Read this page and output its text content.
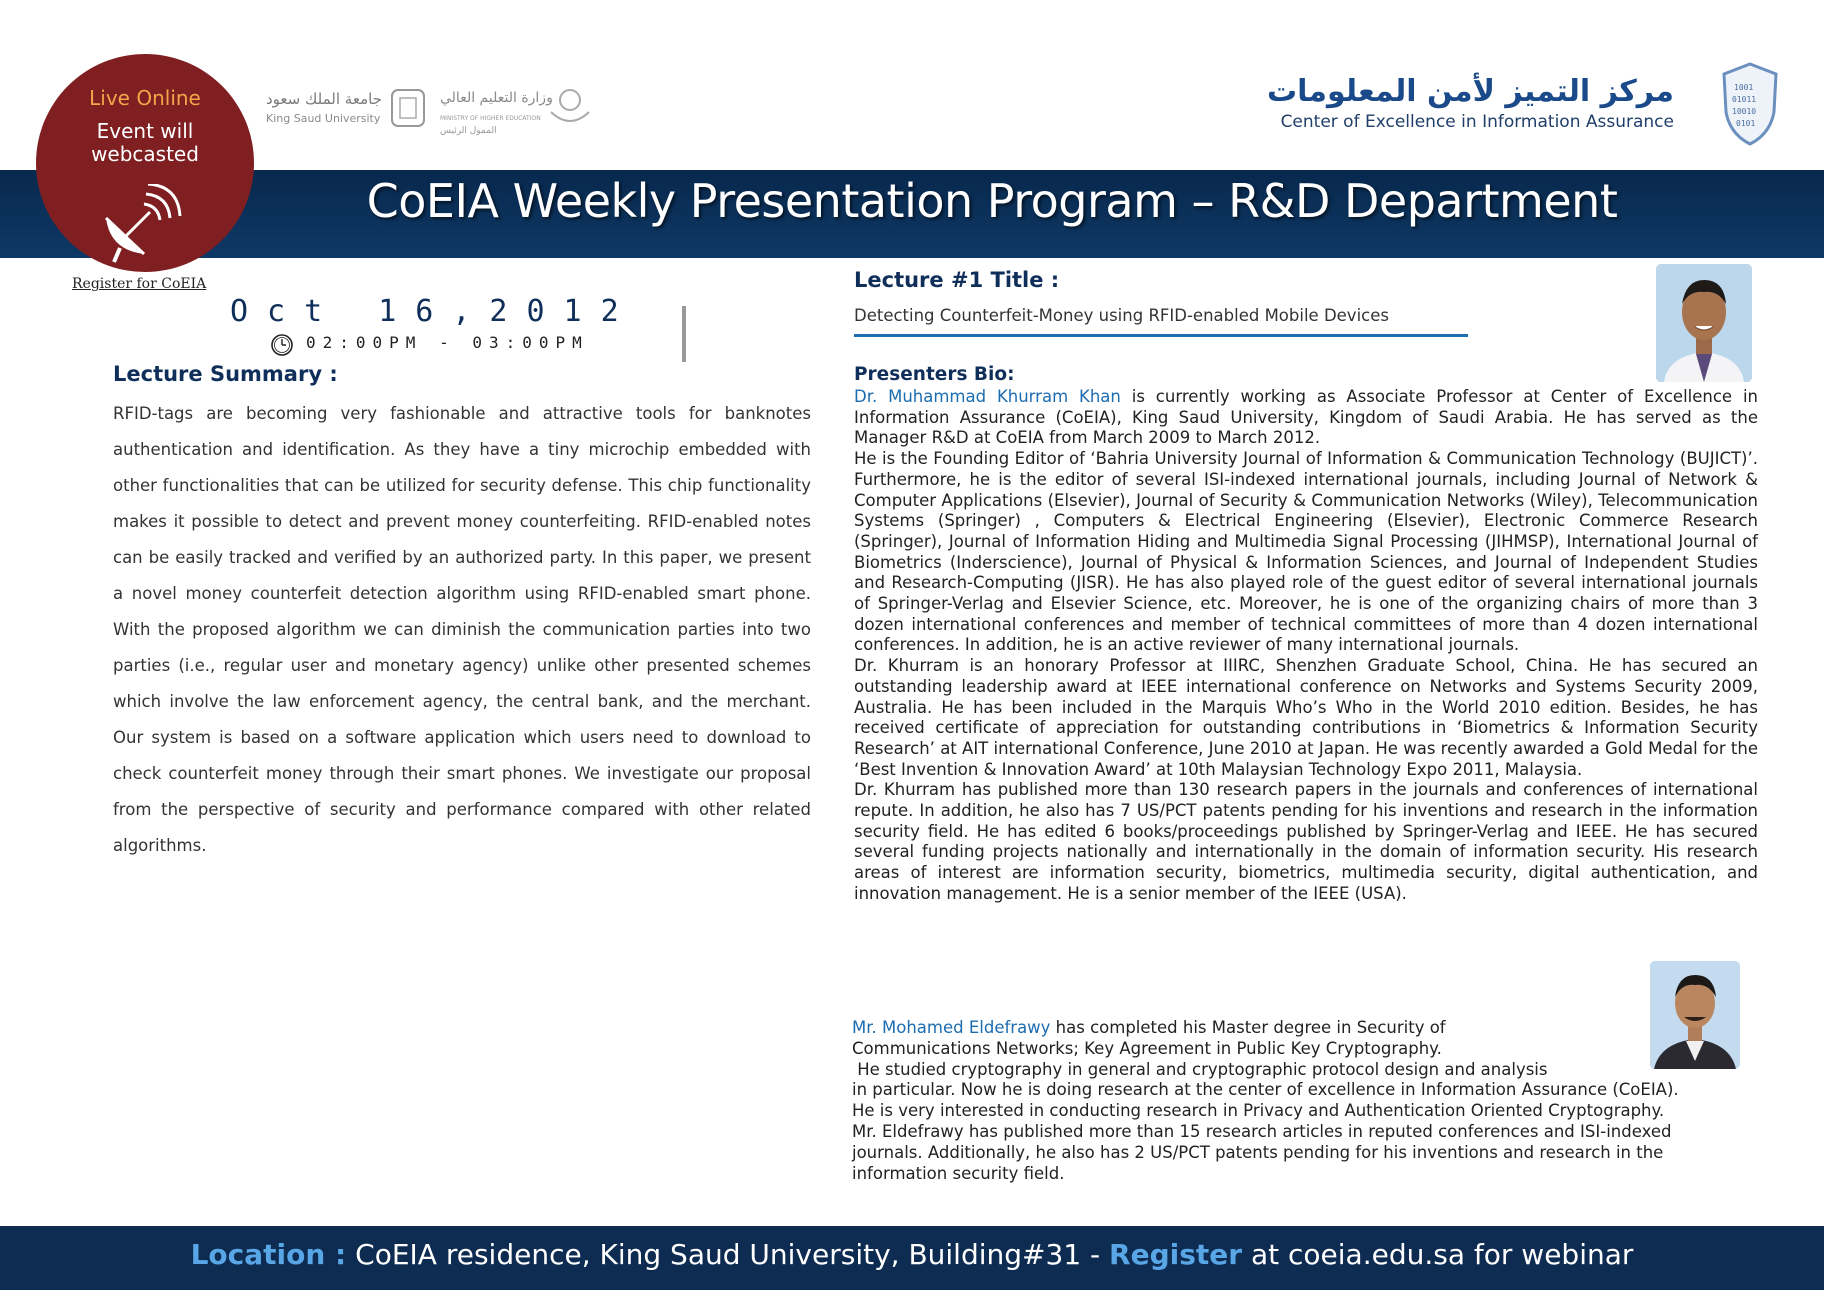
جامعة الملك سعود
King Saud University
وزارة التعليم العالي
MINISTRY OF HIGHER EDUCATION
الممول الرئيس
مركز التميز لأمن المعلومات
Center of Excellence in Information Assurance
1001
01011
10010
0101
CoEIA Weekly Presentation Program – R&D Department
Live Online
Event will
webcasted
Register for CoEIA
Oct 16,2012
02:00PM - 03:00PM
Lecture Summary :
RFID-tags are becoming very fashionable and attractive tools for banknotes authentication and identification. As they have a tiny microchip embedded with other functionalities that can be utilized for security defense. This chip functionality makes it possible to detect and prevent money counterfeiting. RFID-enabled notes can be easily tracked and verified by an authorized party. In this paper, we present a novel money counterfeit detection algorithm using RFID-enabled smart phone. With the proposed algorithm we can diminish the communication parties into two parties (i.e., regular user and monetary agency) unlike other presented schemes which involve the law enforcement agency, the central bank, and the merchant. Our system is based on a software application which users need to download to check counterfeit money through their smart phones. We investigate our proposal from the perspective of security and performance compared with other related algorithms.
Lecture #1 Title :
Detecting Counterfeit-Money using RFID-enabled Mobile Devices
Presenters Bio:

Dr. Muhammad Khurram Khan is currently working as Associate Professor at Center of Excellence in Information Assurance (CoEIA), King Saud University, Kingdom of Saudi Arabia. He has served as the Manager R&D at CoEIA from March 2009 to March 2012.

He is the Founding Editor of ‘Bahria University Journal of Information & Communication Technology (BUJICT)’. Furthermore, he is the editor of several ISI-indexed international journals, including Journal of Network & Computer Applications (Elsevier), Journal of Security & Communication Networks (Wiley), Telecommunication Systems (Springer) , Computers & Electrical Engineering (Elsevier), Electronic Commerce Research (Springer), Journal of Information Hiding and Multimedia Signal Processing (JIHMSP), International Journal of Biometrics (Inderscience), Journal of Physical & Information Sciences, and Journal of Independent Studies and Research-Computing (JISR). He has also played role of the guest editor of several international journals of Springer-Verlag and Elsevier Science, etc. Moreover, he is one of the organizing chairs of more than 3 dozen international conferences and member of technical committees of more than 4 dozen international conferences. In addition, he is an active reviewer of many international journals.

Dr. Khurram is an honorary Professor at IIIRC, Shenzhen Graduate School, China. He has secured an outstanding leadership award at IEEE international conference on Networks and Systems Security 2009, Australia. He has been included in the Marquis Who’s Who in the World 2010 edition. Besides, he has received certificate of appreciation for outstanding contributions in ‘Biometrics & Information Security Research’ at AIT international Conference, June 2010 at Japan. He was recently awarded a Gold Medal for the ‘Best Invention & Innovation Award’ at 10th Malaysian Technology Expo 2011, Malaysia.

Dr. Khurram has published more than 130 research papers in the journals and conferences of international repute. In addition, he also has 7 US/PCT patents pending for his inventions and research in the information security field. He has edited 6 books/proceedings published by Springer-Verlag and IEEE. He has secured several funding projects nationally and internationally in the domain of information security. His research areas of interest are information security, biometrics, multimedia security, digital authentication, and innovation management. He is a senior member of the IEEE (USA).

Mr. Mohamed Eldefrawy has completed his Master degree in Security of

Communications Networks; Key Agreement in Public Key Cryptography.

He studied cryptography in general and cryptographic protocol design and analysis

in particular. Now he is doing research at the center of excellence in Information Assurance (CoEIA).

He is very interested in conducting research in Privacy and Authentication Oriented Cryptography.

Mr. Eldefrawy has published more than 15 research articles in reputed conferences and ISI-indexed

journals. Additionally, he also has 2 US/PCT patents pending for his inventions and research in the

information security field.

Location : CoEIA residence, King Saud University, Building#31 - Register at coeia.edu.sa for webinar
